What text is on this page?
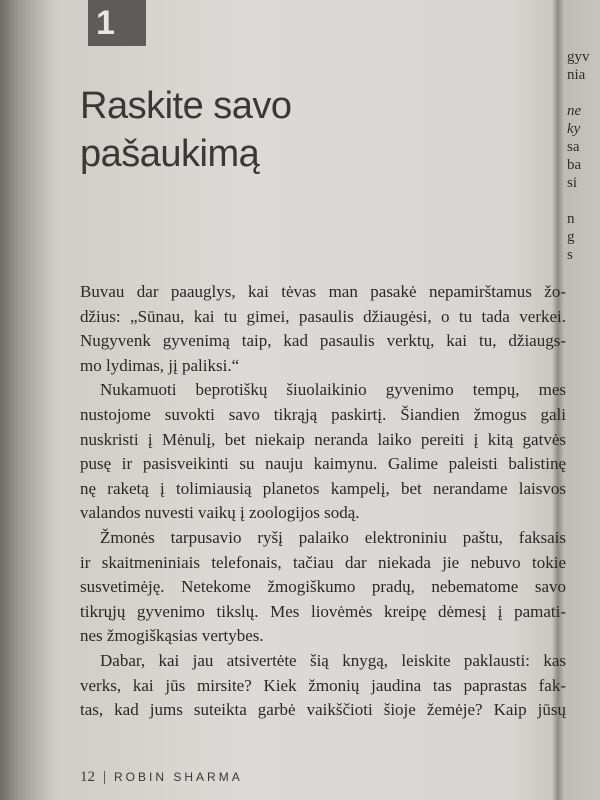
1
Raskite savo
pašaukimą
Buvau dar paauglys, kai tėvas man pasakė nepamirštamus žo-
džius: „Sūnau, kai tu gimei, pasaulis džiaugėsi, o tu tada verkei.
Nugyvenk gyvenimą taip, kad pasaulis verktų, kai tu, džiaugs-
mo lydimas, jį paliksi.“
Nukamuoti beprotiškų šiuolaikinio gyvenimo tempų, mes
nustojome suvokti savo tikrąją paskirtį. Šiandien žmogus gali
nuskristi į Mėnulį, bet niekaip neranda laiko pereiti į kitą gatvės
pusę ir pasisveikinti su nauju kaimynu. Galime paleisti balistinę
nę raketą į tolimiausią planetos kampelį, bet nerandame laisvos
valandos nuvesti vaikų į zoologijos sodą.
Žmonės tarpusavio ryšį palaiko elektroniniu paštu, faksais
ir skaitmeniniais telefonais, tačiau dar niekada jie nebuvo tokie
susvetimėję. Netekome žmogiškumo pradų, nebematome savo
tikrųjų gyvenimo tikslų. Mes liovėmės kreipę dėmesį į pamati-
nes žmogiškąsias vertybes.
Dabar, kai jau atsivertėte šią knygą, leiskite paklausti: kas
verks, kai jūs mirsite? Kiek žmonių jaudina tas paprastas fak-
tas, kad jums suteikta garbė vaikščioti šioje žemėje? Kaip jūsų
12 | ROBIN SHARMA
gyv
nia
ne
ky
sa
ba
si
n
g
s
